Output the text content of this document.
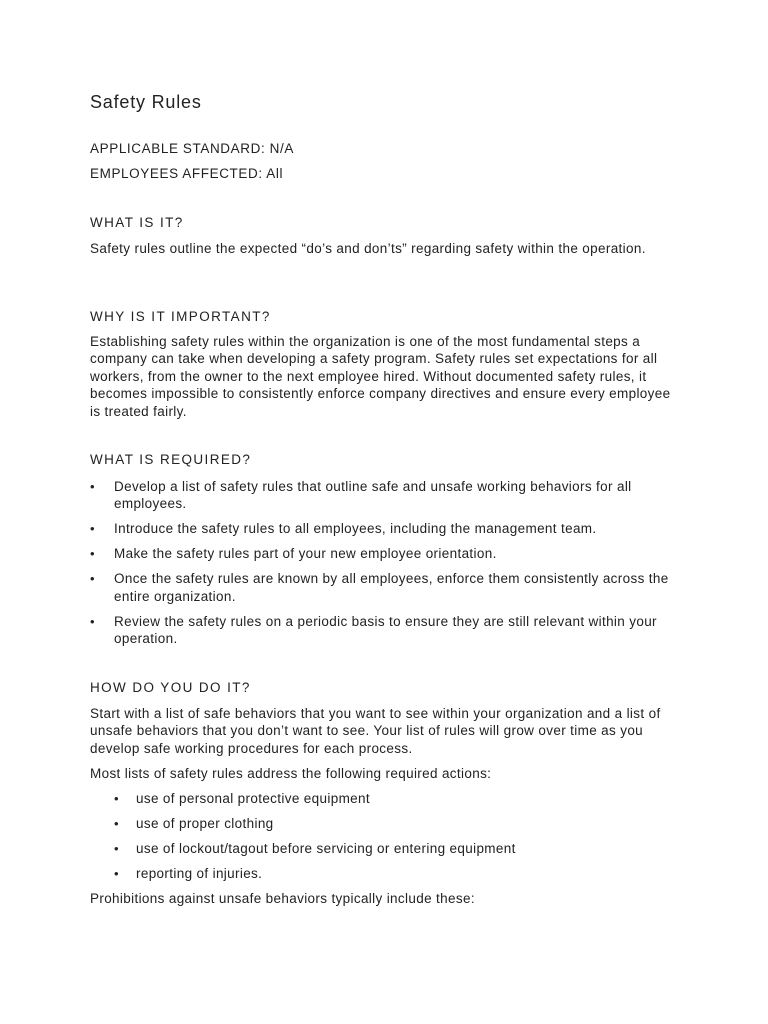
Safety Rules

APPLICABLE STANDARD: N/A

EMPLOYEES AFFECTED: All

WHAT IS IT?

Safety rules outline the expected “do’s and don’ts” regarding safety within the operation.

WHY IS IT IMPORTANT?

Establishing safety rules within the organization is one of the most fundamental steps a company can take when developing a safety program. Safety rules set expectations for all workers, from the owner to the next employee hired. Without documented safety rules, it becomes impossible to consistently enforce company directives and ensure every employee is treated fairly.

WHAT IS REQUIRED?
• Develop a list of safety rules that outline safe and unsafe working behaviors for all employees.
• Introduce the safety rules to all employees, including the management team.
• Make the safety rules part of your new employee orientation.
• Once the safety rules are known by all employees, enforce them consistently across the entire organization.
• Review the safety rules on a periodic basis to ensure they are still relevant within your operation.
HOW DO YOU DO IT?

Start with a list of safe behaviors that you want to see within your organization and a list of unsafe behaviors that you don’t want to see. Your list of rules will grow over time as you develop safe working procedures for each process.

Most lists of safety rules address the following required actions:

• use of personal protective equipment
• use of proper clothing
• use of lockout/tagout before servicing or entering equipment
• reporting of injuries.

Prohibitions against unsafe behaviors typically include these:
